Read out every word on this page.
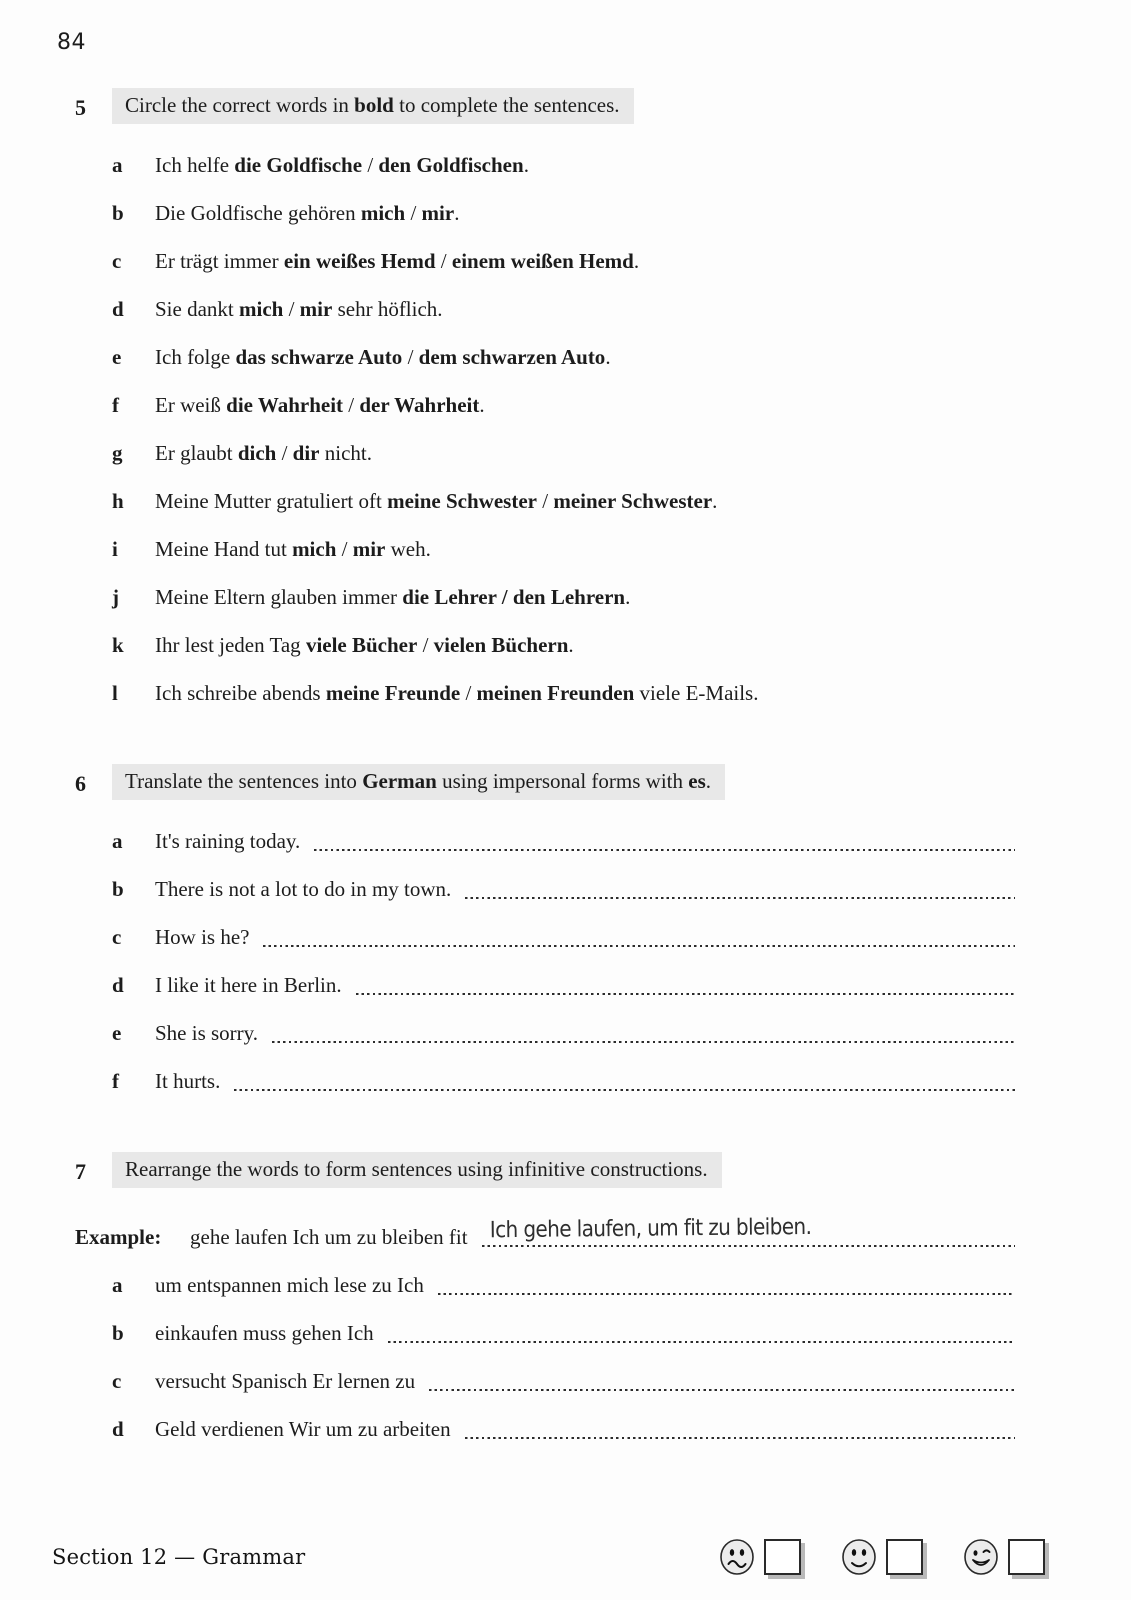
84
5	Circle the correct words in bold to complete the sentences.
a	Ich helfe die Goldfische / den Goldfischen.
b	Die Goldfische gehören mich / mir.
c	Er trägt immer ein weißes Hemd / einem weißen Hemd.
d	Sie dankt mich / mir sehr höflich.
e	Ich folge das schwarze Auto / dem schwarzen Auto.
f	Er weiß die Wahrheit / der Wahrheit.
g	Er glaubt dich / dir nicht.
h	Meine Mutter gratuliert oft meine Schwester / meiner Schwester.
i	Meine Hand tut mich / mir weh.
j	Meine Eltern glauben immer die Lehrer / den Lehrern.
k	Ihr lest jeden Tag viele Bücher / vielen Büchern.
l	Ich schreibe abends meine Freunde / meinen Freunden viele E-Mails.
6	Translate the sentences into German using impersonal forms with es.
a	It's raining today.
b	There is not a lot to do in my town.
c	How is he?
d	I like it here in Berlin.
e	She is sorry.
f	It hurts.
7	Rearrange the words to form sentences using infinitive constructions.
Example:	gehe laufen Ich um zu bleiben fit Ich gehe laufen, um fit zu bleiben.
a	um entspannen mich lese zu Ich
b	einkaufen muss gehen Ich
c	versucht Spanisch Er lernen zu
d	Geld verdienen Wir um zu arbeiten
Section 12 — Grammar
